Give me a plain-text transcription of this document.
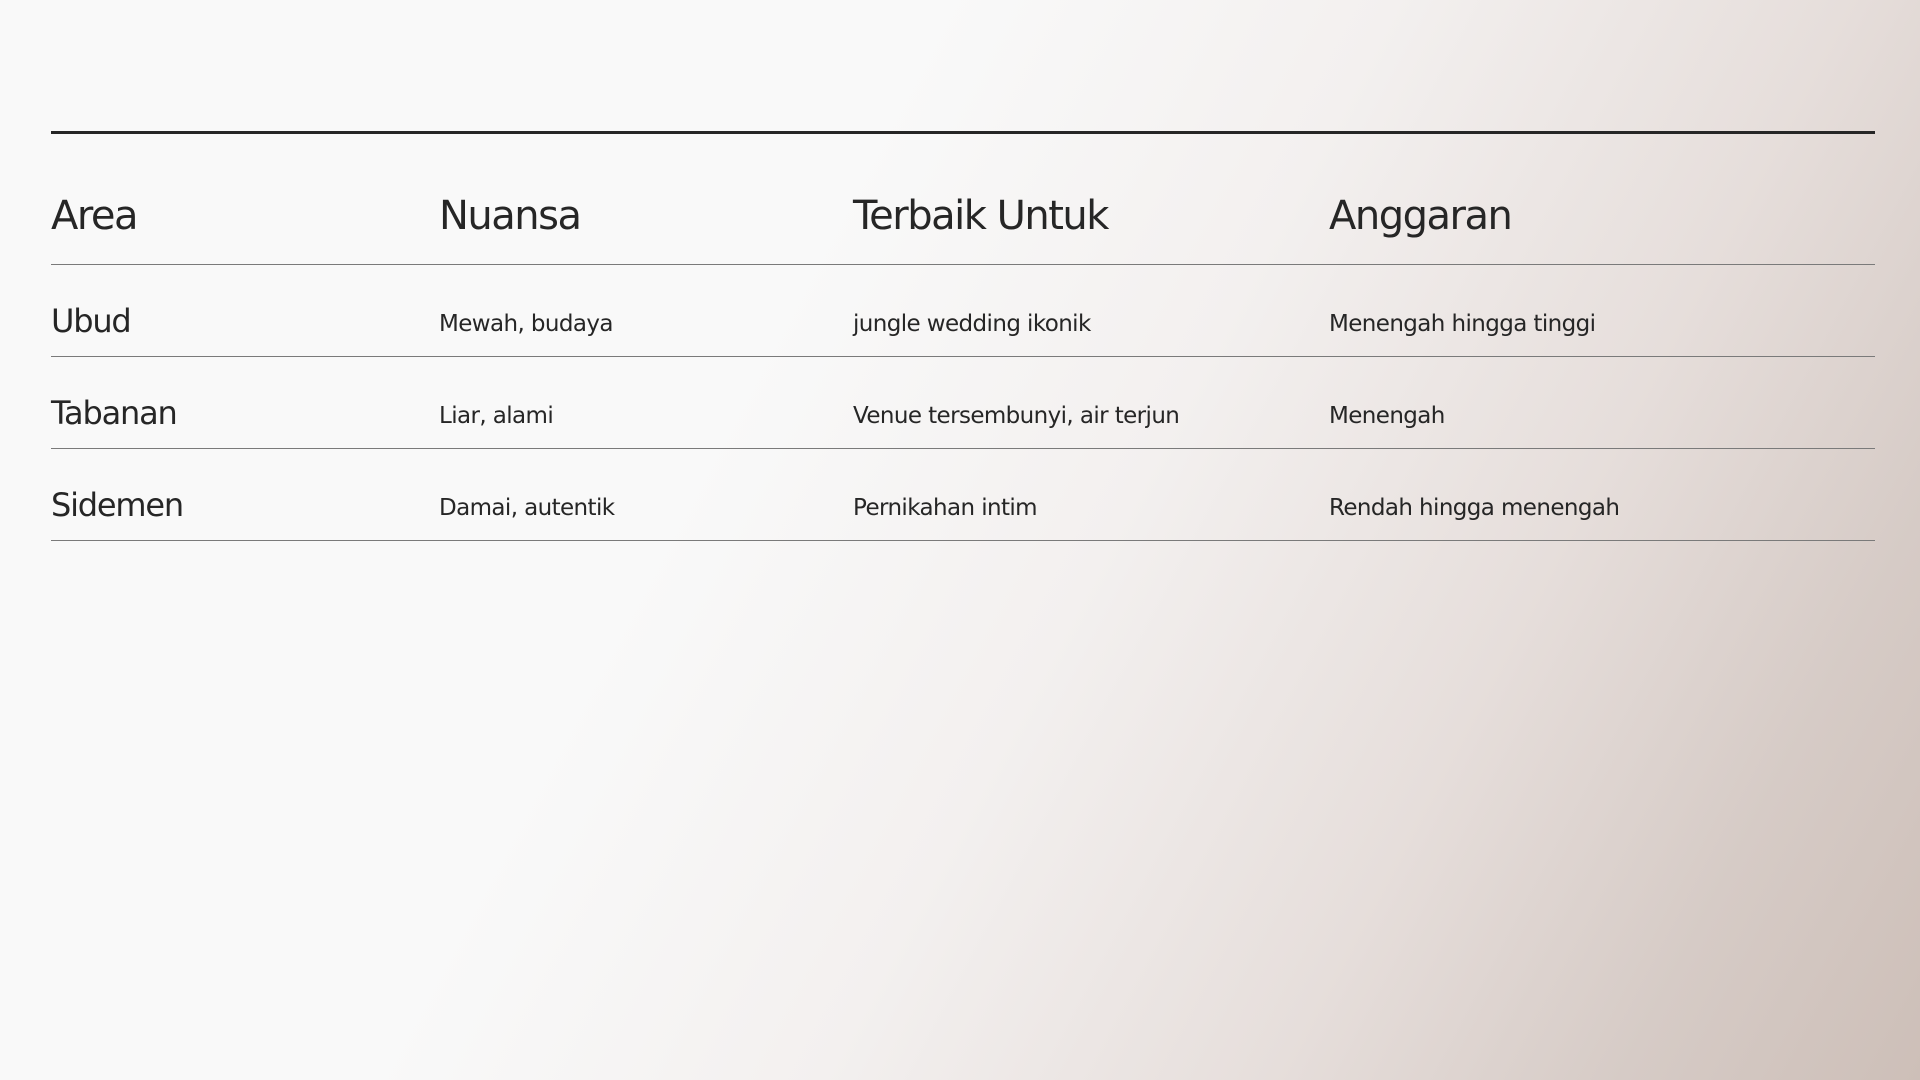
Area	Nuansa	Terbaik Untuk	Anggaran
Ubud	Mewah, budaya	jungle wedding ikonik	Menengah hingga tinggi
Tabanan	Liar, alami	Venue tersembunyi, air terjun	Menengah
Sidemen	Damai, autentik	Pernikahan intim	Rendah hingga menengah
